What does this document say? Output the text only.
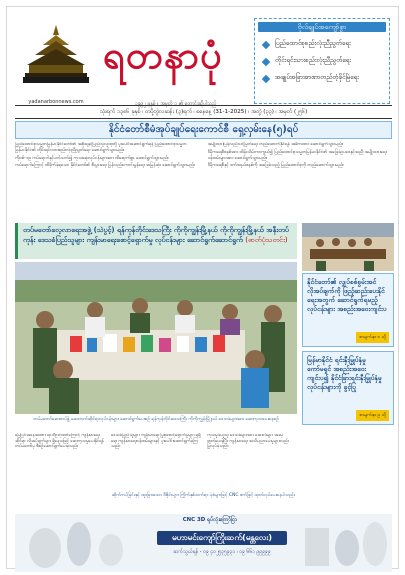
yadanarbonnews.com
ရတနာပုံ
၁၉၉၂ ခုနှစ် ။ အမှတ် ၁ ၏ တောင်းဆိုပါသည်
ဗိုလ်ချုပ်အကျော်စွာ
ပြည်ထောင်စုစည်းလုံးညီညွတ်ရေး
တိုင်းရင်းသားစည်းလုံးညီညွတ်ရေး
အချုပ်အခြာအာဏာတည်တံ့ခိုင်မြဲရေး
သုံးရက် ၁၃၈၆ ခုနှစ် ၊ တပို့တွဲလဆန်း (၃)ရက် ၊ စနေနေ့ (31-1-2025) ၊ အတွဲ (၃၃) ၊ အမှတ် (၂၅၆)
နိုင်ငံတော်စီမံအုပ်ချုပ်ရေးကောင်စီ ရှေ့လှမ်းနေ(၅)ရပ်

ပြည်ထောင်စုသမ္မတမြန်မာနိုင်ငံတော်၏ အစိုးရနှင့်ပြည်သူလူထုတို့ ပူးပေါင်းဆောင်ရွက်ရန် ပြည်ထောင်စုသမ္မတမြန်မာနိုင်ငံ၏ တိုင်းရင်းသားစည်းလုံးညီညွတ်ရေး ဆောင်ရွက်သွားမည်။

ကိုဗစ်-၁၉ ကပ်ရောဂါနှင့်ပတ်သက်၍ ကုသရေးလုပ်ငန်းများအား ထိရောက်စွာ ဆောင်ရွက်သွားမည်။

ကပ်ရောဂါကြောင့် ထိခိုက်ခဲ့ရသော နိုင်ငံတော်၏ စီးပွားရေး ပြန်လည်ကောင်းမွန်ရေး အမြန်ဆုံး ဆောင်ရွက်သွားမည်။

အမျိုးသားပြန်လည်သင့်မြတ်ရေး တည်ဆောက်နိုင်ရန် အဓိကထား ဆောင်ရွက်သွားမည်။

ဒီမိုကရေစီစနစ်အား ထိန်းသိမ်းကာကွယ်၍ ပြည်ထောင်စုသမ္မတမြန်မာနိုင်ငံ၏ အခြေခံဥပဒေနှင့်အညီ အမျိုးသားရေးဝန်ထမ်းများအား ဆောင်ရွက်သွားမည်။

ဒီမိုကရေစီနှင့် ဖက်ဒရယ်စနစ်ကို အခြေခံသည့် ပြည်ထောင်စုကို တည်ဆောက်သွားမည်။

တပ်မတော်လေ့လာရေးအဖွဲ့ (သဲပွင့်) ရန်ကုန်တိုင်းဒေသကြီး ကိုကိုကျွန်းမြို့နယ် ကိုကိုကျွန်းမြို့နယ် အနီးတပ်ကုန်း ဒေသခံပြည်သူများ ကျန်းမာရေးစောင့်ရှောက်မှု လုပ်ငန်းများ ဆောင်ရွက်ဆောင်ရွက် (ဓာတ်ပုံသတင်း)
တပ်မတော်ဆေးတပ်ဖွဲ့ ဆေးဘက်ဆိုင်ရာလုပ်ငန်းများ ဆောင်ရွက်ပေးစဉ် ရန်ကုန်တိုင်းဒေသကြီး ကိုကိုကျွန်းမြို့နယ် ဒေသခံများအား ဆေးကုသပေးနေစဉ်

မြေပြင်အနေအထား ရာသီဥတုဒဏ်ကြောင့် ကျန်းမာရေးဆိုင်ရာ လိုအပ်ချက်များ ရှိနေသဖြင့် ဆေးကုသမှုပေးနိုင်ရန် တပ်မတော်မှ စီစဉ်ဆောင်ရွက်ပေးခဲ့သည်။

ဒေသခံပြည်သူများ ကျန်းမာရေး ပြုစုစောင့်ရှောက်မှုများ ရရှိရေး ကျန်းမာရေးဝန်ထမ်းများနှင့် ပူးပေါင်းဆောင်ရွက်ခဲ့ကြသည်။

ကုသမှုခံယူသူ ဒေသခံများအား ဆေးဝါးများ အခမဲ့ ထုတ်ပေးခဲ့ပြီး ကျန်းမာရေး အသိပညာပေးမှုများလည်း ပြုလုပ်ခဲ့သည်။

နိုင်ငံတော်၏ လျှပ်စစ်စွမ်းအင် လိုအပ်ချက်ကို ဖြည့်ဆည်းပေးနိုင်ရေးအတွက် ဆောင်ရွက်ရမည့် လုပ်ငန်းများ အစည်းအဝေးကျင်းပ
စာမျက်နှာ ၈ သို့
မြန်မာနိုင်ငံ ရင်းနှီးမြှုပ်နှံမှုကော်မရှင် အစည်းအဝေး ကျင်းပ၍ နိုင်ငံခြားရင်းနှီးမြှုပ်နှံမှု လုပ်ငန်းများကို ခွင့်ပြု
စာမျက်နှာ ၉ သို့
ဆိုက်ကပ်ခြင်းနှင့် ထူးခြားသော ဒီဇိုင်းများ ကြိုက်နှစ်သက်ရာ ပုံစံများဖြင့် CNC စက်ဖြင့် ထုတ်လုပ်ပေးနေပါသည်။
CNC 3D ရုပ်လုံးကြော်ငြာ
မဟာမင်းကျော်ကြိုးဆက်(မန္တလေး)
ဆက်သွယ်ရန် - ၀၉ ၄၀၂၅၃၅၉၃၁ ၊ ၀၉ ၆၆၁ ၉၉၉၉၉
